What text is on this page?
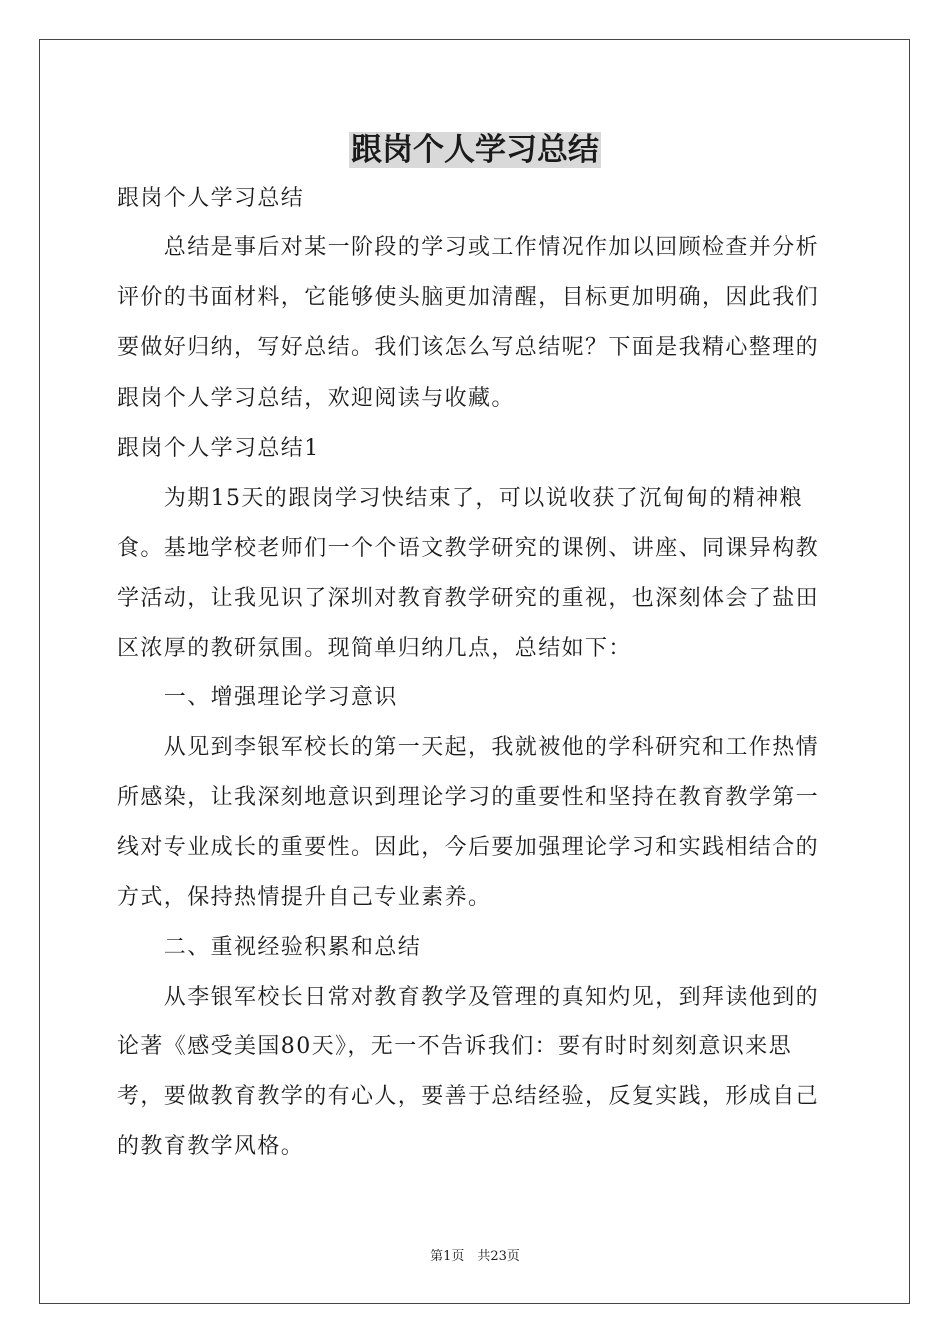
跟岗个人学习总结
跟岗个人学习总结
　　总结是事后对某一阶段的学习或工作情况作加以回顾检查并分析
评价的书面材料，它能够使头脑更加清醒，目标更加明确，因此我们
要做好归纳，写好总结。我们该怎么写总结呢？下面是我精心整理的
跟岗个人学习总结，欢迎阅读与收藏。
跟岗个人学习总结1
　　为期15天的跟岗学习快结束了，可以说收获了沉甸甸的精神粮
食。基地学校老师们一个个语文教学研究的课例、讲座、同课异构教
学活动，让我见识了深圳对教育教学研究的重视，也深刻体会了盐田
区浓厚的教研氛围。现简单归纳几点，总结如下：
　　一、增强理论学习意识
　　从见到李银军校长的第一天起，我就被他的学科研究和工作热情
所感染，让我深刻地意识到理论学习的重要性和坚持在教育教学第一
线对专业成长的重要性。因此，今后要加强理论学习和实践相结合的
方式，保持热情提升自己专业素养。
　　二、重视经验积累和总结
　　从李银军校长日常对教育教学及管理的真知灼见，到拜读他到的
论著《感受美国80天》，无一不告诉我们：要有时时刻刻意识来思
考，要做教育教学的有心人，要善于总结经验，反复实践，形成自己
的教育教学风格。
第1页　共23页
